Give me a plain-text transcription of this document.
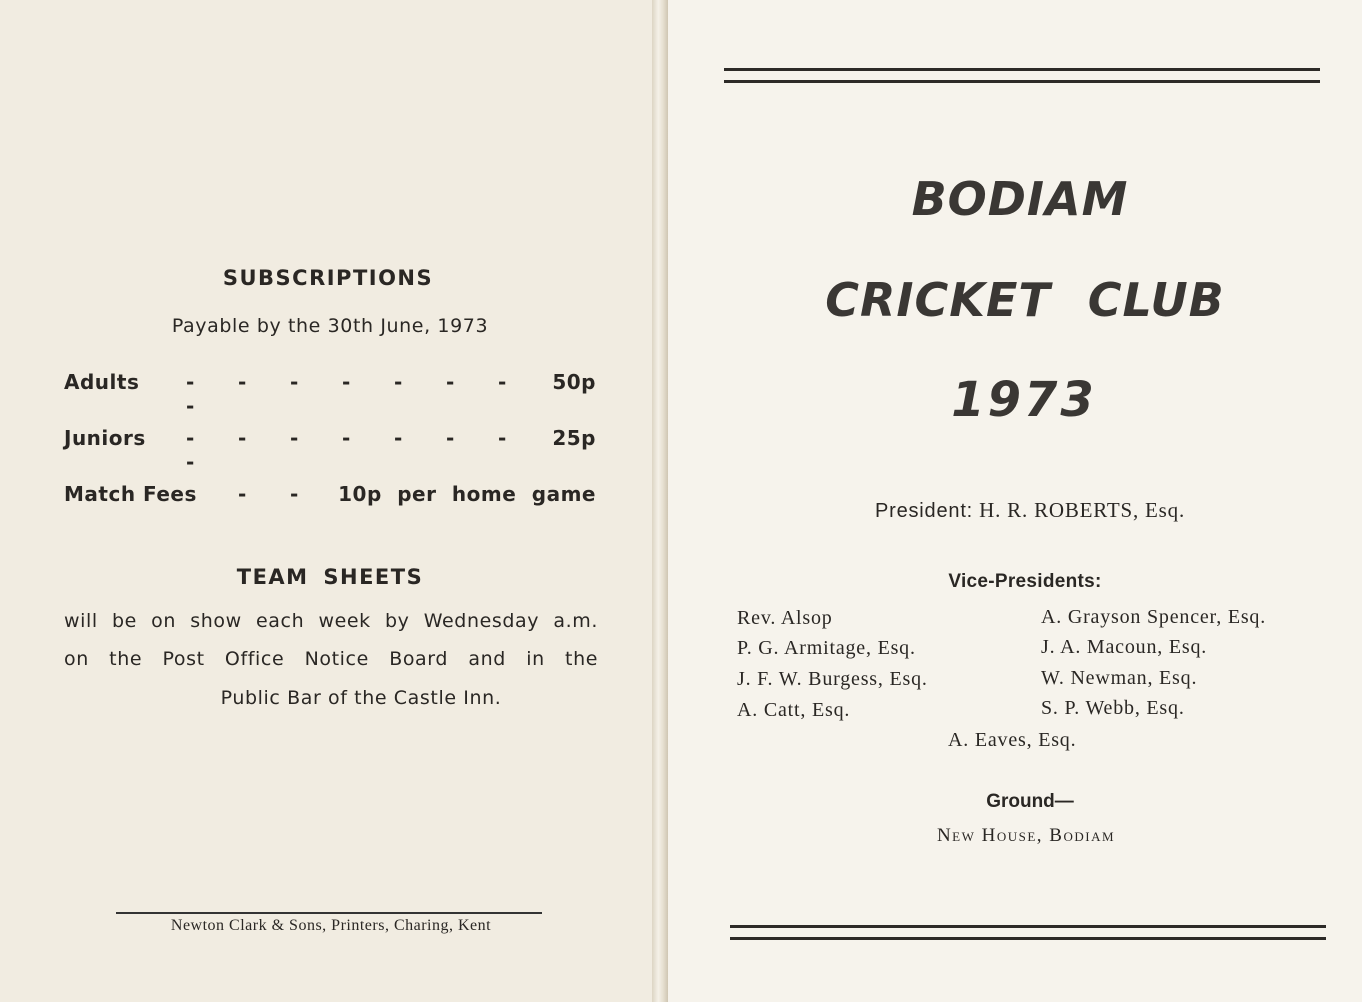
SUBSCRIPTIONS
Payable by the 30th June, 1973
Adults - - - - - - --
50p
Juniors - - - - - - --
25p
Match Fees - -	10p per home game
TEAM SHEETS
will be on show each week by Wednesday a.m.
on the Post Office Notice Board and in the
Public Bar of the Castle Inn.
Newton Clark & Sons, Printers, Charing, Kent
BODIAM
CRICKET CLUB
1973
President: H. R. ROBERTS, Esq.
Vice-Presidents:
Rev. Alsop
P. G. Armitage, Esq.
J. F. W. Burgess, Esq.
A. Catt, Esq.
A. Grayson Spencer, Esq.
J. A. Macoun, Esq.
W. Newman, Esq.
S. P. Webb, Esq.
A. Eaves, Esq.
Ground—
New House, Bodiam
